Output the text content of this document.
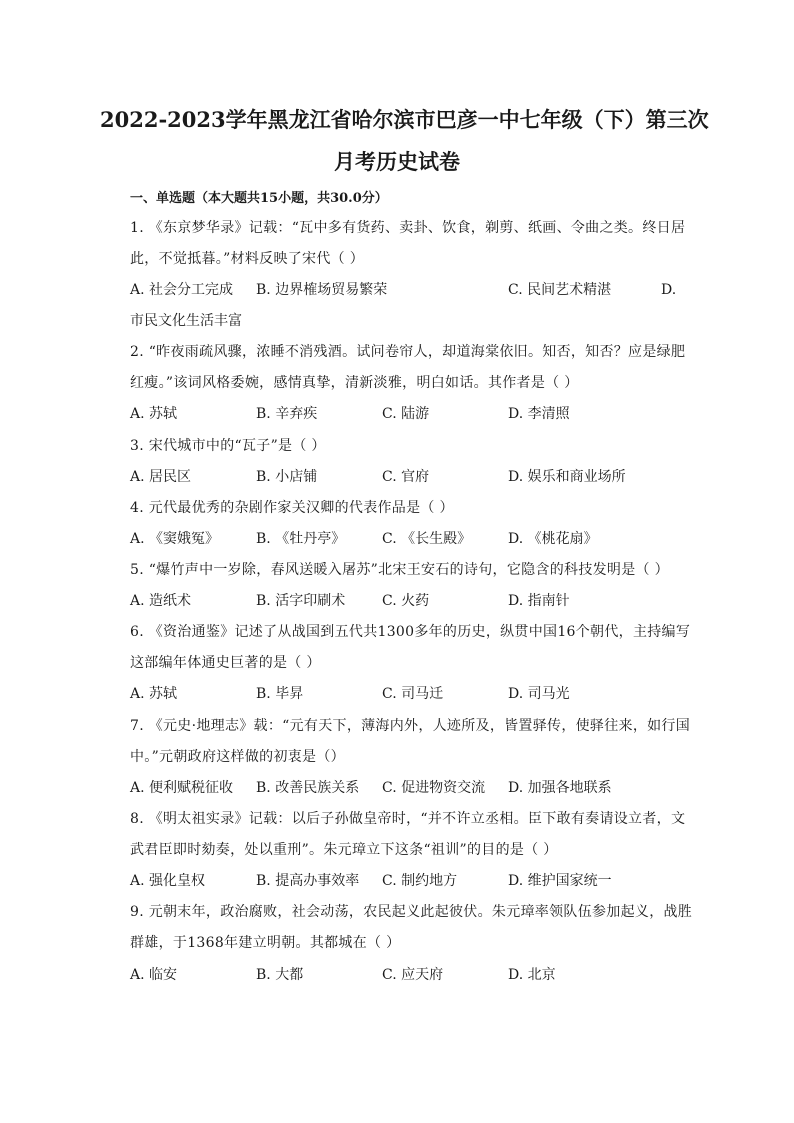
2022-2023学年黑龙江省哈尔滨市巴彦一中七年级（下）第三次
月考历史试卷
一、单选题（本大题共15小题，共30.0分）
1. 《东京梦华录》记载：“瓦中多有货药、卖卦、饮食，剃剪、纸画、令曲之类。终日居
此，不觉抵暮。”材料反映了宋代（ ）
A. 社会分工完成 B. 边界榷场贸易繁荣	C. 民间艺术精湛	D.
市民文化生活丰富
2. “昨夜雨疏风骤，浓睡不消残酒。试问卷帘人，却道海棠依旧。知否，知否？应是绿肥
红瘦。”该词风格委婉，感情真挚，清新淡雅，明白如话。其作者是（ ）
A. 苏轼	B. 辛弃疾	C. 陆游	D. 李清照
3. 宋代城市中的“瓦子”是（ ）
A. 居民区	B. 小店铺	C. 官府	D. 娱乐和商业场所
4. 元代最优秀的杂剧作家关汉卿的代表作品是（ ）
A. 《窦娥冤》	B. 《牡丹亭》	C. 《长生殿》	D. 《桃花扇》
5. “爆竹声中一岁除，春风送暖入屠苏”北宋王安石的诗句，它隐含的科技发明是（ ）
A. 造纸术	B. 活字印刷术	C. 火药	D. 指南针
6. 《资治通鉴》记述了从战国到五代共1300多年的历史，纵贯中国16个朝代，主持编写
这部编年体通史巨著的是（ ）
A. 苏轼	B. 毕昇	C. 司马迁	D. 司马光
7. 《元史·地理志》载：“元有天下，薄海内外，人迹所及，皆置驿传，使驿往来，如行国
中。”元朝政府这样做的初衷是（）
A. 便利赋税征收 B. 改善民族关系 C. 促进物资交流 D. 加强各地联系
8. 《明太祖实录》记载：以后子孙做皇帝时，“并不许立丞相。臣下敢有奏请设立者，文
武君臣即时劾奏，处以重刑”。朱元璋立下这条“祖训”的目的是（ ）
A. 强化皇权	B. 提高办事效率 C. 制约地方	D. 维护国家统一
9. 元朝末年，政治腐败，社会动荡，农民起义此起彼伏。朱元璋率领队伍参加起义，战胜
群雄，于1368年建立明朝。其都城在（ ）
A. 临安	B. 大都	C. 应天府	D. 北京
